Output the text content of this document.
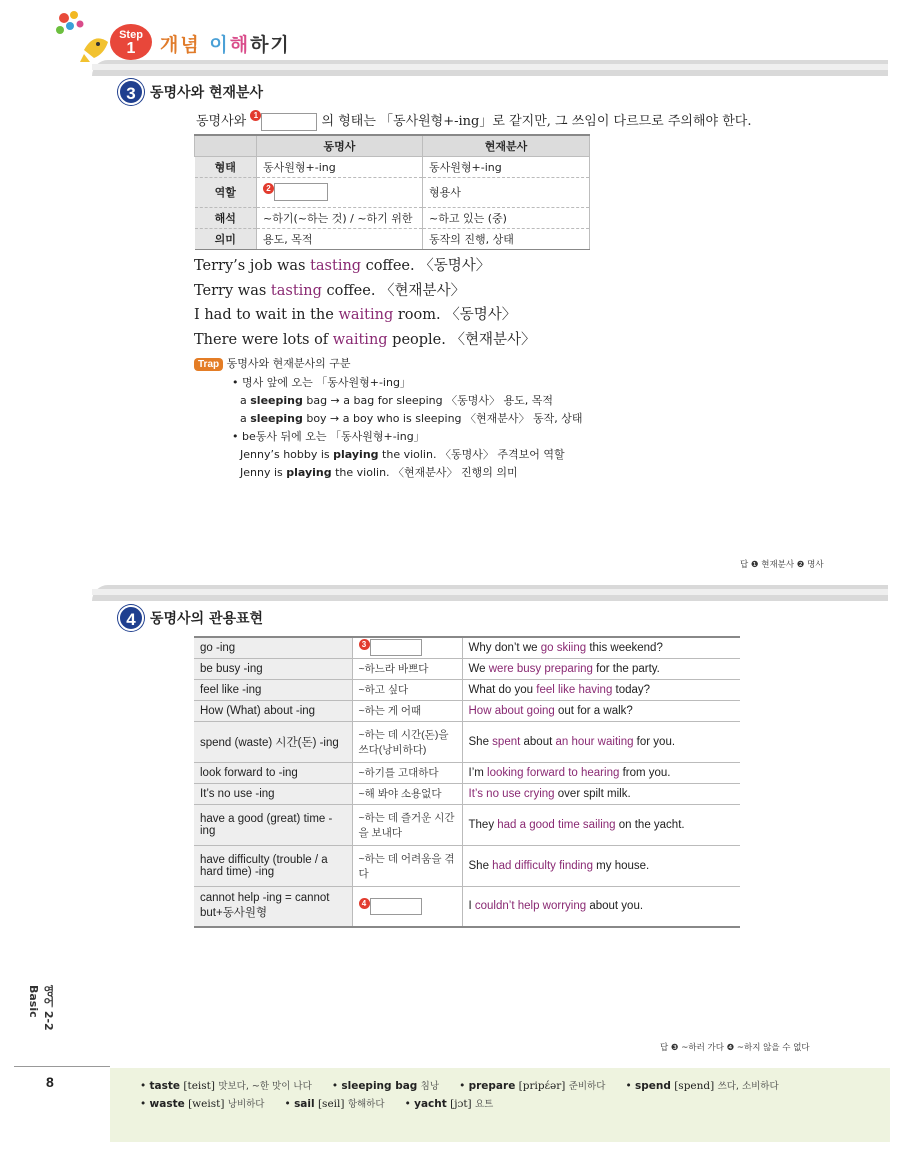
Step
1	개념 이해하기
3	동명사와 현재분사
동명사와 1	의 형태는 「동사원형+-ing」로 같지만, 그 쓰임이 다르므로 주의해야 한다.
	동명사	현재분사
형태	동사원형+-ing	동사원형+-ing
역할	2	형용사
해석	~하기(~하는 것) / ~하기 위한	~하고 있는 (중)
의미	용도, 목적	동작의 진행, 상태
Terry’s job was tasting coffee. 〈동명사〉
Terry was tasting coffee. 〈현재분사〉
I had to wait in the waiting room. 〈동명사〉
There were lots of waiting people. 〈현재분사〉
Trap 동명사와 현재분사의 구분
• 명사 앞에 오는 「동사원형+-ing」
a sleeping bag → a bag for sleeping 〈동명사〉 용도, 목적
a sleeping boy → a boy who is sleeping 〈현재분사〉 동작, 상태
• be동사 뒤에 오는 「동사원형+-ing」
Jenny’s hobby is playing the violin. 〈동명사〉 주격보어 역할
Jenny is playing the violin. 〈현재분사〉 진행의 의미
답 ❶ 현재분사 ❷ 명사
4	동명사의 관용표현
go -ing	3	Why don’t we go skiing this weekend?
be busy -ing	~하느라 바쁘다	We were busy preparing for the party.
feel like -ing	~하고 싶다	What do you feel like having today?
How (What) about -ing	~하는 게 어때	How about going out for a walk?
spend (waste) 시간(돈) -ing	~하는 데 시간(돈)을 쓰다(낭비하다)	She spent about an hour waiting for you.
look forward to -ing	~하기를 고대하다	I’m looking forward to hearing from you.
It’s no use -ing	~해 봐야 소용없다	It’s no use crying over spilt milk.
have a good (great) time -ing	~하는 데 즐거운 시간을 보내다	They had a good time sailing on the yacht.
have difficulty (trouble / a hard time) -ing	~하는 데 어려움을 겪다	She had difficulty finding my house.
cannot help -ing = cannot but+동사원형	4	I couldn’t help worrying about you.
답 ❸ ~하러 가다 ❹ ~하지 않을 수 없다
영어 2-2 Basic
8	• taste [teist] 맛보다, ~한 맛이 나다 • sleeping bag 침낭 • prepare [pripέər] 준비하다 • spend [spend] 쓰다, 소비하다
• waste [weist] 낭비하다 • sail [seil] 항해하다 • yacht [jɔt] 요트
